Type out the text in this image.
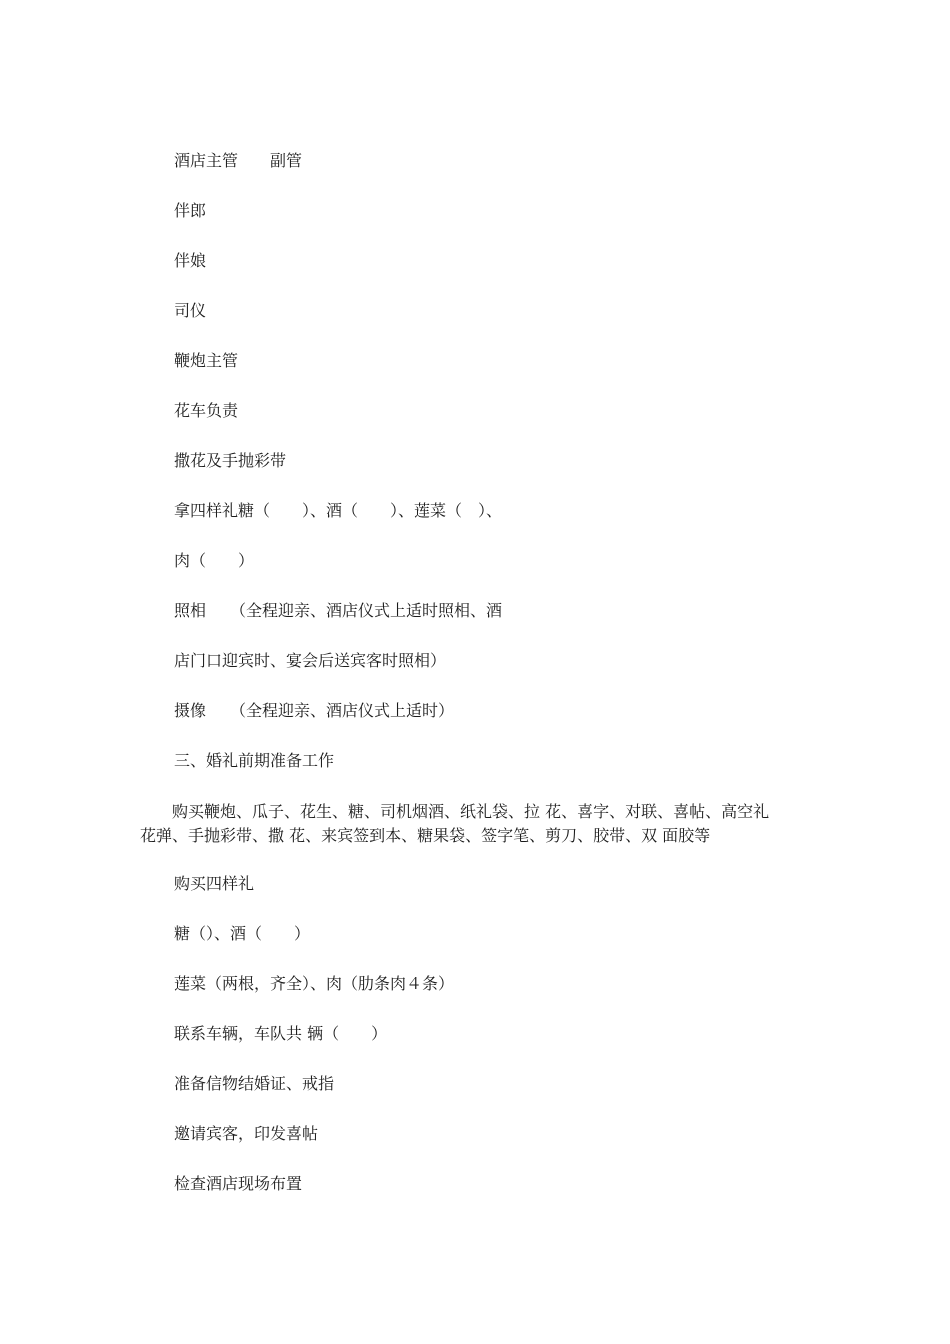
酒店主管　　副管
伴郎
伴娘
司仪
鞭炮主管
花车负责
撒花及手抛彩带
拿四样礼糖（　　）、酒（　　）、莲菜（　）、
肉（　　）
照相　　（全程迎亲、酒店仪式上适时照相、酒
店门口迎宾时、宴会后送宾客时照相）
摄像　　（全程迎亲、酒店仪式上适时）
三、婚礼前期准备工作
　　购买鞭炮、瓜子、花生、糖、司机烟酒、纸礼袋、拉 花、喜字、对联、喜帖、高空礼
花弹、手抛彩带、撒 花、来宾签到本、糖果袋、签字笔、剪刀、胶带、双 面胶等
购买四样礼
糖（）、酒（　　）
莲菜（两根，齐全）、肉（肋条肉４条）
联系车辆，车队共 辆（　　）
准备信物结婚证、戒指
邀请宾客，印发喜帖
检查酒店现场布置
